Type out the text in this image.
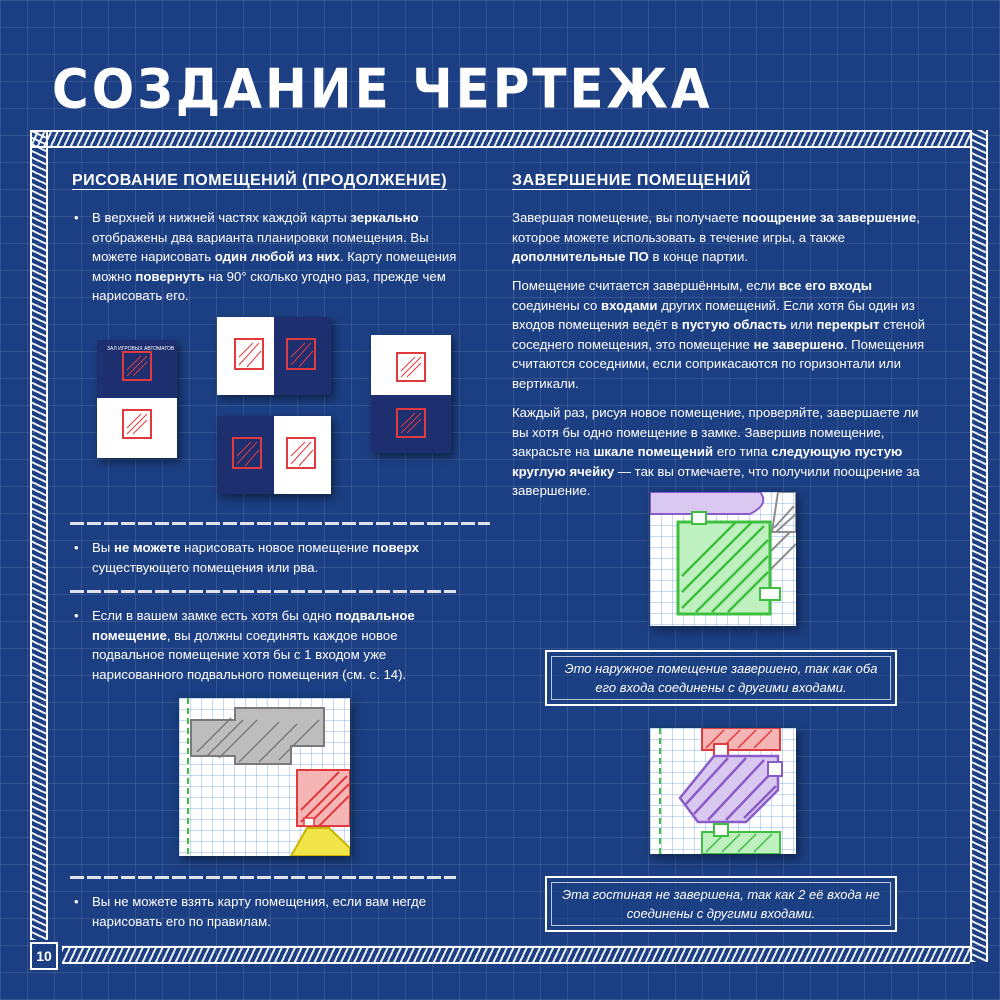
СОЗДАНИЕ ЧЕРТЕЖА
РИСОВАНИЕ ПОМЕЩЕНИЙ (ПРОДОЛЖЕНИЕ)
• В верхней и нижней частях каждой карты зеркально отображены два варианта планировки помещения. Вы можете нарисовать один любой из них. Карту помещения можно повернуть на 90° сколько угодно раз, прежде чем нарисовать его.
ЗАЛ ИГРОВЫХ АВТОМАТОВ
• Вы не можете нарисовать новое помещение поверх существующего помещения или рва.
• Если в вашем замке есть хотя бы одно подвальное помещение, вы должны соединять каждое новое подвальное помещение хотя бы с 1 входом уже нарисованного подвального помещения (см. с. 14).
• Вы не можете взять карту помещения, если вам негде нарисовать его по правилам.
ЗАВЕРШЕНИЕ ПОМЕЩЕНИЙ
Завершая помещение, вы получаете поощрение за завершение, которое можете использовать в течение игры, а также дополнительные ПО в конце партии.
Помещение считается завершённым, если все его входы соединены со входами других помещений. Если хотя бы один из входов помещения ведёт в пустую область или перекрыт стеной соседнего помещения, это помещение не завершено. Помещения считаются соседними, если соприкасаются по горизонтали или вертикали.
Каждый раз, рисуя новое помещение, проверяйте, завершаете ли вы хотя бы одно помещение в замке. Завершив помещение, закрасьте на шкале помещений его типа следующую пустую круглую ячейку — так вы отмечаете, что получили поощрение за завершение.
Это наружное помещение завершено, так как оба его входа соединены с другими входами.
Эта гостиная не завершена, так как 2 её входа не соединены с другими входами.
10
